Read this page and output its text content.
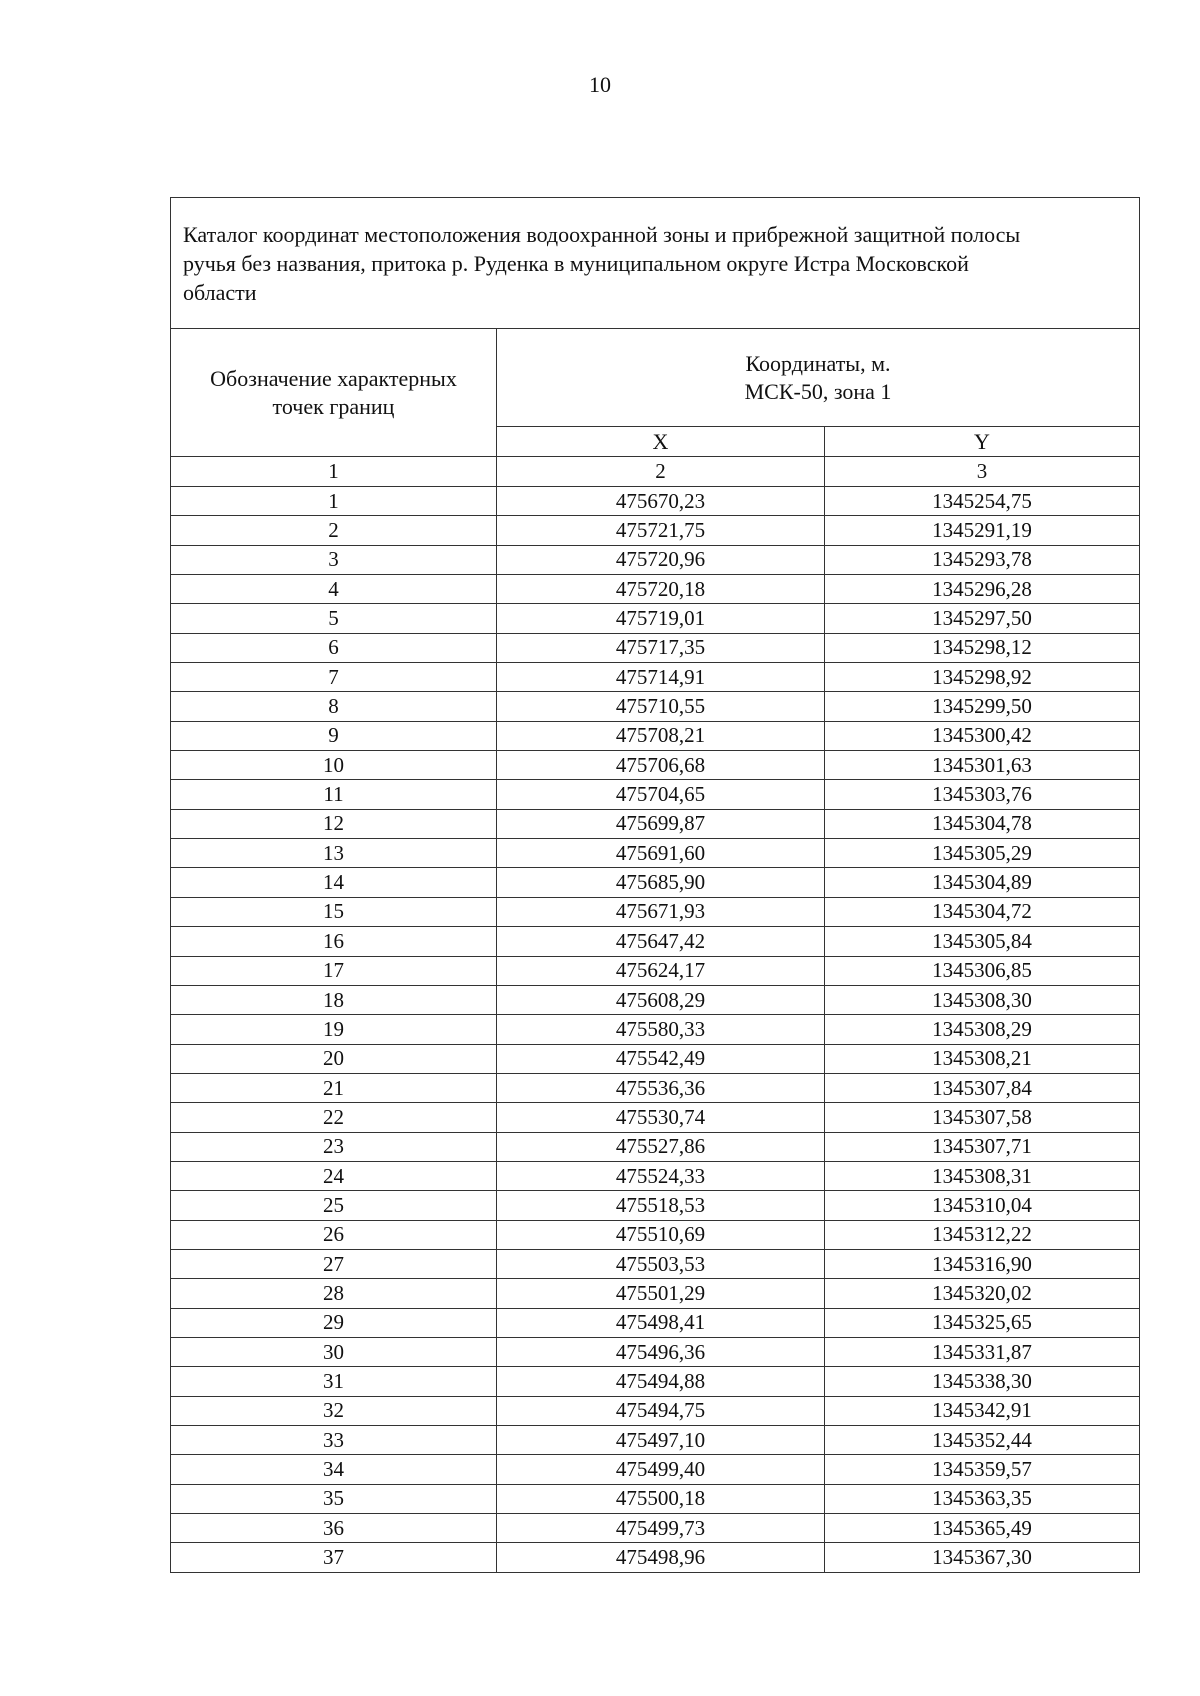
10
Каталог координат местоположения водоохранной зоны и прибрежной защитной полосы
ручья без названия, притока р. Руденка в муниципальном округе Истра Московской
области		

Обозначение характерных
точек границ	Координаты, м.
МСК-50, зона 1	

	X	Y
1	2	3
1	475670,23	1345254,75
2	475721,75	1345291,19
3	475720,96	1345293,78
4	475720,18	1345296,28
5	475719,01	1345297,50
6	475717,35	1345298,12
7	475714,91	1345298,92
8	475710,55	1345299,50
9	475708,21	1345300,42
10	475706,68	1345301,63
11	475704,65	1345303,76
12	475699,87	1345304,78
13	475691,60	1345305,29
14	475685,90	1345304,89
15	475671,93	1345304,72
16	475647,42	1345305,84
17	475624,17	1345306,85
18	475608,29	1345308,30
19	475580,33	1345308,29
20	475542,49	1345308,21
21	475536,36	1345307,84
22	475530,74	1345307,58
23	475527,86	1345307,71
24	475524,33	1345308,31
25	475518,53	1345310,04
26	475510,69	1345312,22
27	475503,53	1345316,90
28	475501,29	1345320,02
29	475498,41	1345325,65
30	475496,36	1345331,87
31	475494,88	1345338,30
32	475494,75	1345342,91
33	475497,10	1345352,44
34	475499,40	1345359,57
35	475500,18	1345363,35
36	475499,73	1345365,49
37	475498,96	1345367,30
